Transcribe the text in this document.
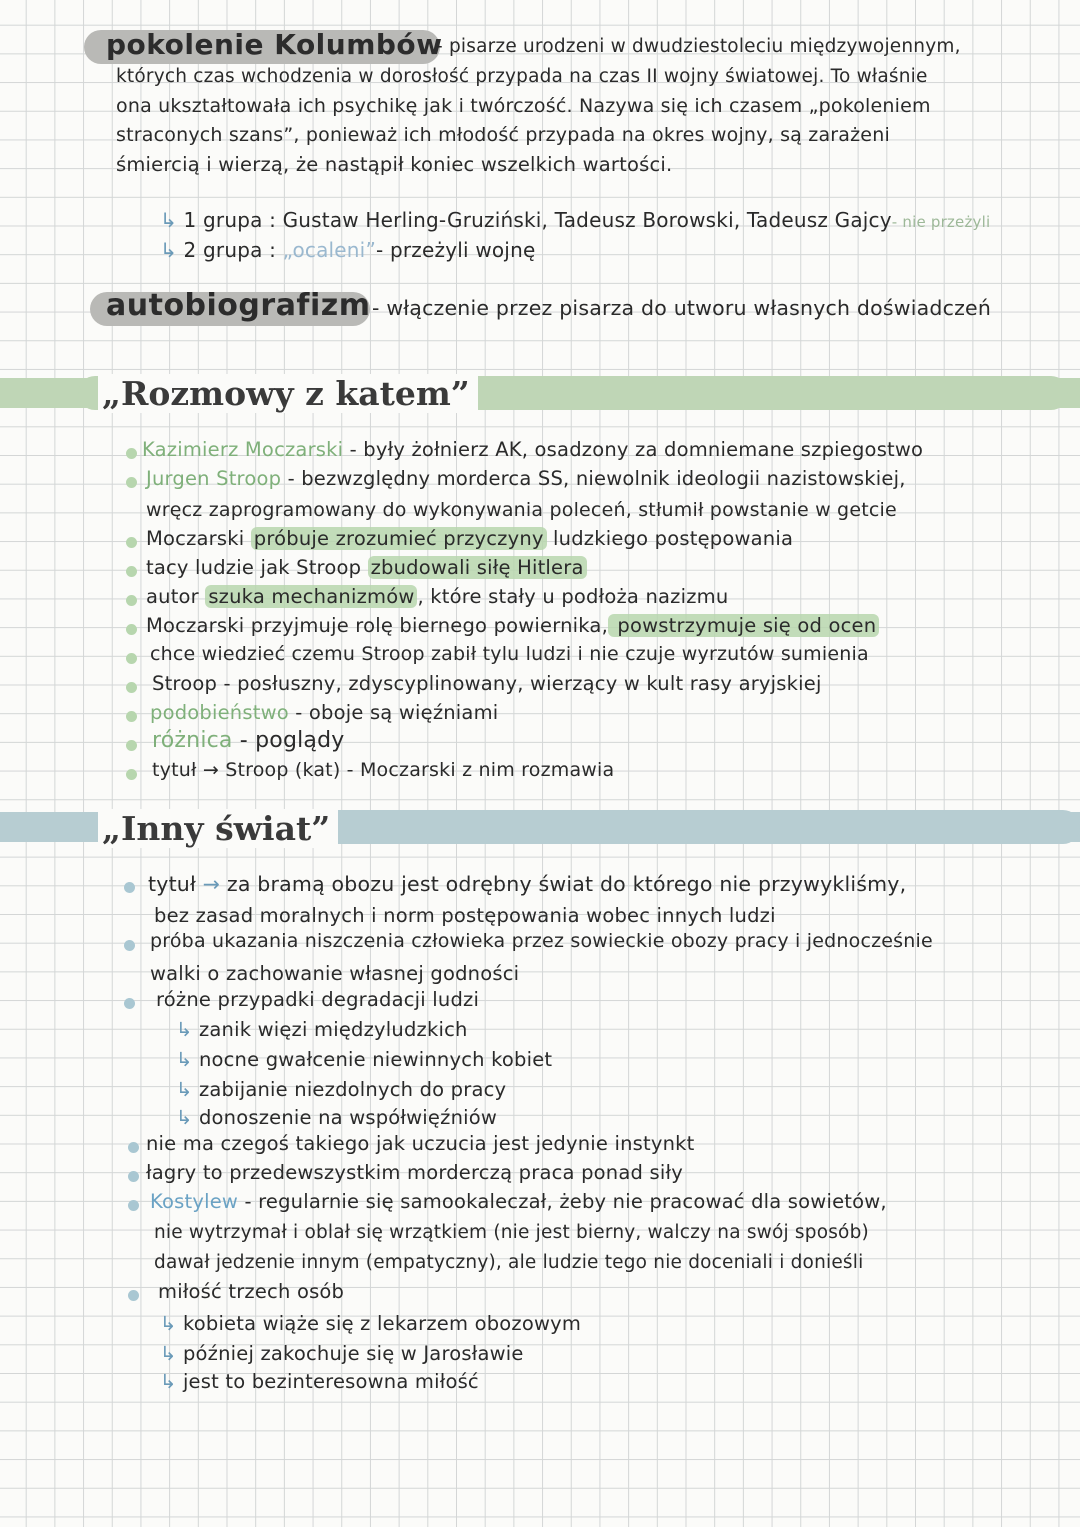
pokolenie Kolumbów
- pisarze urodzeni w dwudziestoleciu międzywojennym,
których czas wchodzenia w dorosłość przypada na czas II wojny światowej. To właśnie
ona ukształtowała ich psychikę jak i twórczość. Nazywa się ich czasem „pokoleniem
straconych szans”, ponieważ ich młodość przypada na okres wojny, są zarażeni
śmiercią i wierzą, że nastąpił koniec wszelkich wartości.
↳ 1 grupa : Gustaw Herling-Gruziński, Tadeusz Borowski, Tadeusz Gajcy- nie przeżyli
↳ 2 grupa : „ocaleni”- przeżyli wojnę
autobiografizm - włączenie przez pisarza do utworu własnych doświadczeń
„Rozmowy z katem”
Kazimierz Moczarski - były żołnierz AK, osadzony za domniemane szpiegostwo
Jurgen Stroop - bezwzględny morderca SS, niewolnik ideologii nazistowskiej,
wręcz zaprogramowany do wykonywania poleceń, stłumił powstanie w getcie
Moczarski próbuje zrozumieć przyczyny ludzkiego postępowania
tacy ludzie jak Stroop zbudowali siłę Hitlera
autor szuka mechanizmów , które stały u podłoża nazizmu
Moczarski przyjmuje rolę biernego powiernika, powstrzymuje się od ocen
chce wiedzieć czemu Stroop zabił tylu ludzi i nie czuje wyrzutów sumienia
Stroop - posłuszny, zdyscyplinowany, wierzący w kult rasy aryjskiej
podobieństwo - oboje są więźniami
różnica - poglądy
tytuł → Stroop (kat) - Moczarski z nim rozmawia
„Inny świat”
tytuł → za bramą obozu jest odrębny świat do którego nie przywykliśmy,
bez zasad moralnych i norm postępowania wobec innych ludzi
próba ukazania niszczenia człowieka przez sowieckie obozy pracy i jednocześnie
walki o zachowanie własnej godności
różne przypadki degradacji ludzi
↳ zanik więzi międzyludzkich
↳ nocne gwałcenie niewinnych kobiet
↳ zabijanie niezdolnych do pracy
↳ donoszenie na współwięźniów
nie ma czegoś takiego jak uczucia jest jedynie instynkt
łagry to przedewszystkim morderczą praca ponad siły
Kostylew - regularnie się samookaleczał, żeby nie pracować dla sowietów,
nie wytrzymał i oblał się wrzątkiem (nie jest bierny, walczy na swój sposób)
dawał jedzenie innym (empatyczny), ale ludzie tego nie doceniali i donieśli
miłość trzech osób
↳ kobieta wiąże się z lekarzem obozowym
↳ później zakochuje się w Jarosławie
↳ jest to bezinteresowna miłość
